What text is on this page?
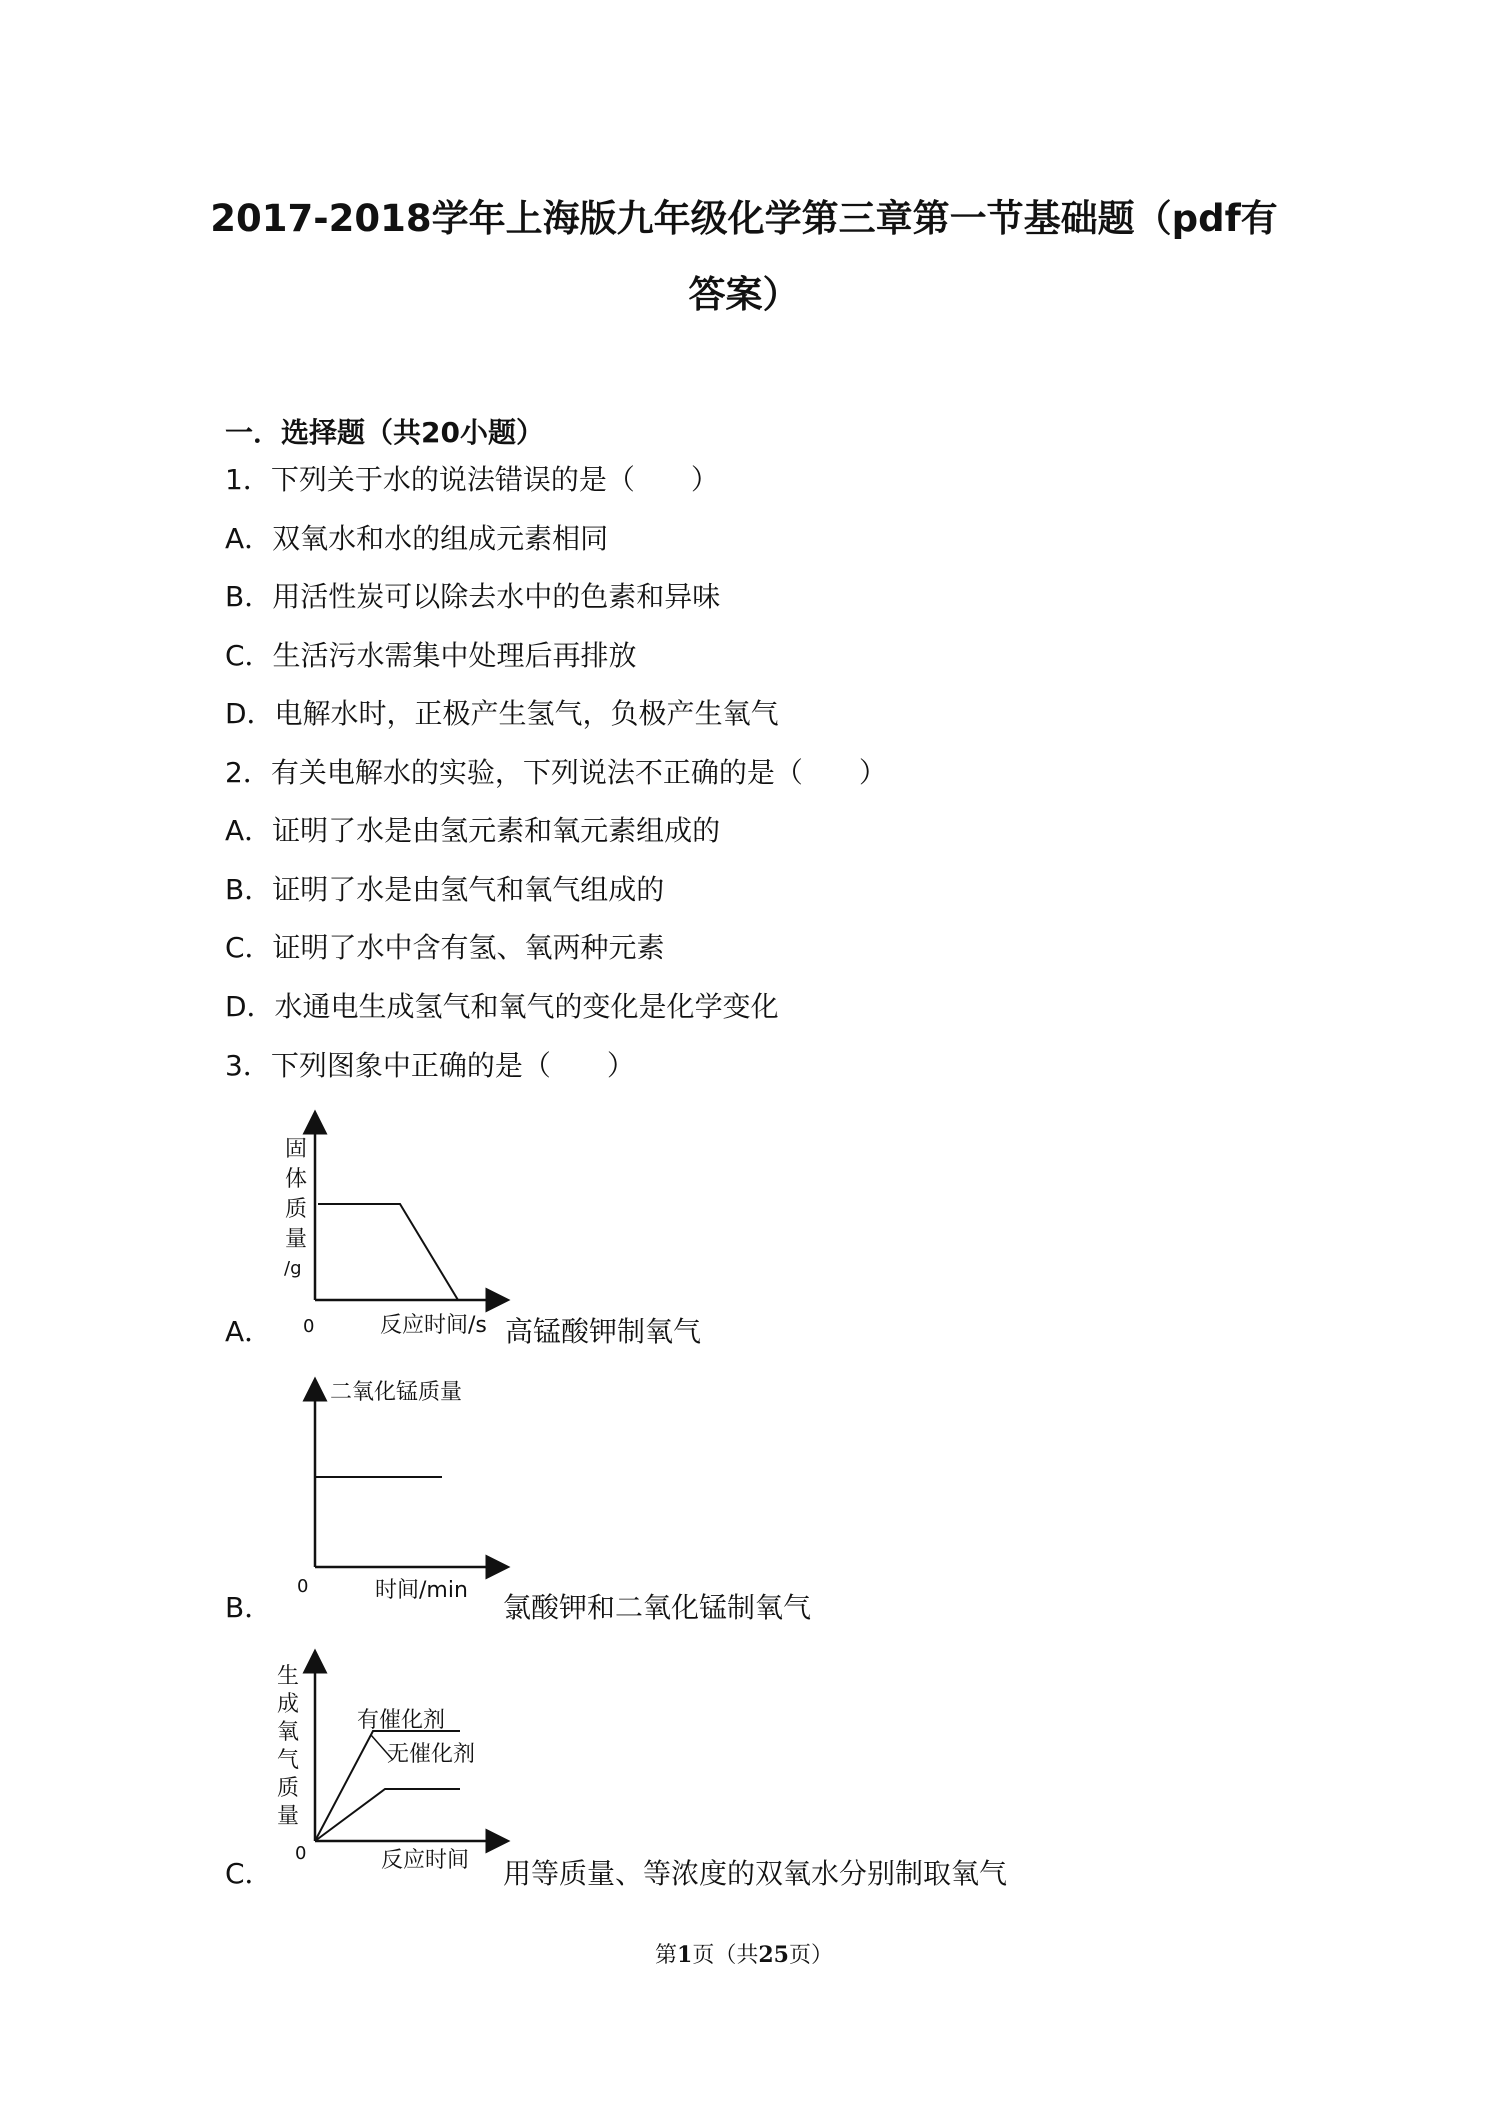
2017-2018学年上海版九年级化学第三章第一节基础题（pdf有
答案）
一．选择题（共20小题）
1．下列关于水的说法错误的是（　　）
A．双氧水和水的组成元素相同
B．用活性炭可以除去水中的色素和异味
C．生活污水需集中处理后再排放
D．电解水时，正极产生氢气，负极产生氧气
2．有关电解水的实验，下列说法不正确的是（　　）
A．证明了水是由氢元素和氧元素组成的
B．证明了水是由氢气和氧气组成的
C．证明了水中含有氢、氧两种元素
D．水通电生成氢气和氧气的变化是化学变化
3．下列图象中正确的是（　　）
固
体
质
量
/g
0	反应时间/s
A．	高锰酸钾制氧气
二氧化锰质量
0	时间/min
B．	氯酸钾和二氧化锰制氧气
生
成
氧
气
质
量
有催化剂
无催化剂
0	反应时间
C．	用等质量、等浓度的双氧水分别制取氧气
第1页（共25页）
